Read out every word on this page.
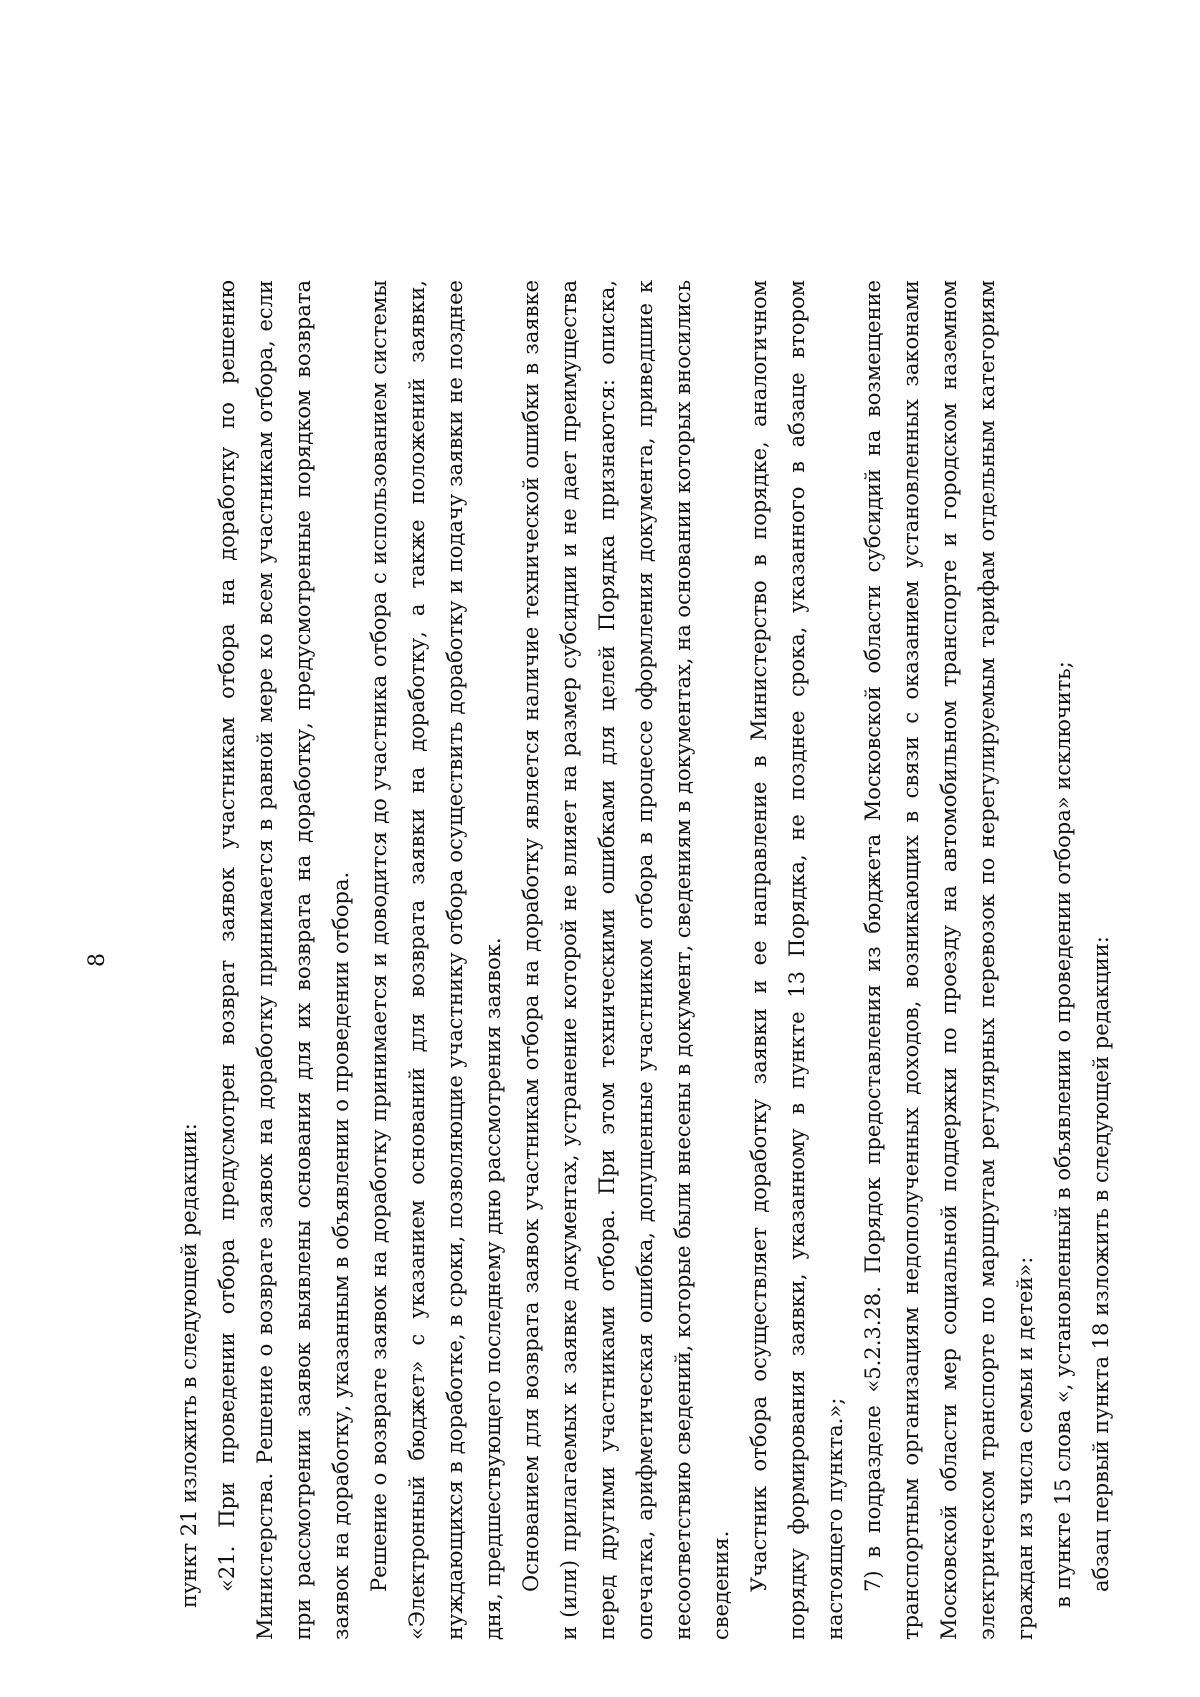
8

пункт 21 изложить в следующей редакции: «21. При проведении отбора предусмотрен возврат заявок участникам отбора на доработку по решению Министерства. Решение о возврате заявок на доработку принимается в равной мере ко всем участникам отбора, если при рассмотрении заявок выявлены основания для их возврата на доработку, предусмотренные порядком возврата заявок на доработку, указанным в объявлении о проведении отбора. Решение о возврате заявок на доработку принимается и доводится до участника отбора с использованием системы «Электронный бюджет» с указанием оснований для возврата заявки на доработку, а также положений заявки, нуждающихся в доработке, в сроки, позволяющие участнику отбора осуществить доработку и подачу заявки не позднее дня, предшествующего последнему дню рассмотрения заявок. Основанием для возврата заявок участникам отбора на доработку является наличие технической ошибки в заявке и (или) прилагаемых к заявке документах, устранение которой не влияет на размер субсидии и не дает преимущества перед другими участниками отбора. При этом техническими ошибками для целей Порядка признаются: описка, опечатка, арифметическая ошибка, допущенные участником отбора в процессе оформления документа, приведшие к несоответствию сведений, которые были внесены в документ, сведениям в документах, на основании которых вносились сведения. Участник отбора осуществляет доработку заявки и ее направление в Министерство в порядке, аналогичном порядку формирования заявки, указанному в пункте 13 Порядка, не позднее срока, указанного в абзаце втором настоящего пункта.»; 7) в подразделе «5.2.3.28. Порядок предоставления из бюджета Московской области субсидий на возмещение транспортным организациям недополученных доходов, возникающих в связи с оказанием установленных законами Московской области мер социальной поддержки по проезду на автомобильном транспорте и городском наземном электрическом транспорте по маршрутам регулярных перевозок по нерегулируемым тарифам отдельным категориям граждан из числа семьи и детей»: в пункте 15 слова «, установленный в объявлении о проведении отбора» исключить; абзац первый пункта 18 изложить в следующей редакции:
